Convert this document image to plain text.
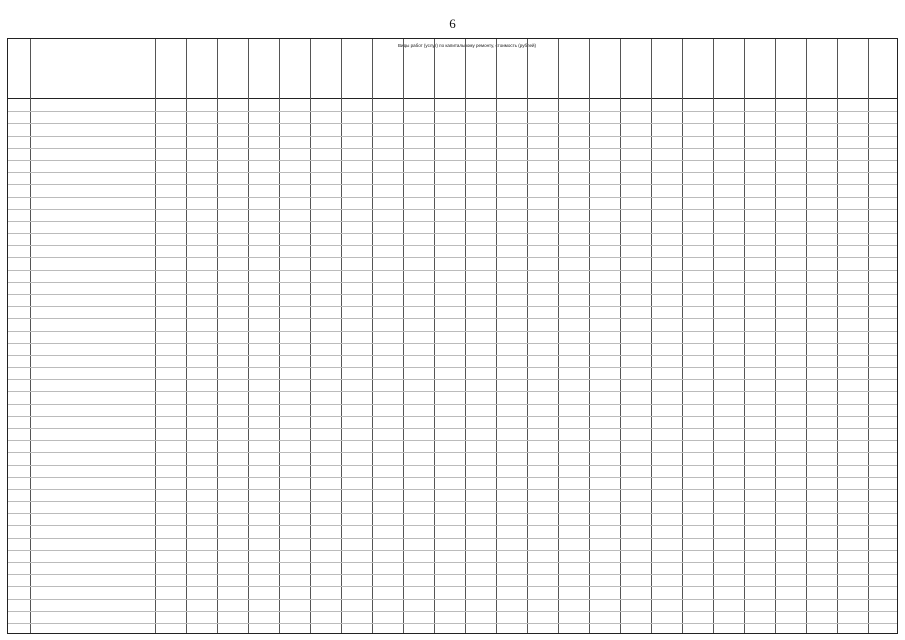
6
Виды работ (услуг) по капитальному ремонту, стоимость (рублей)
